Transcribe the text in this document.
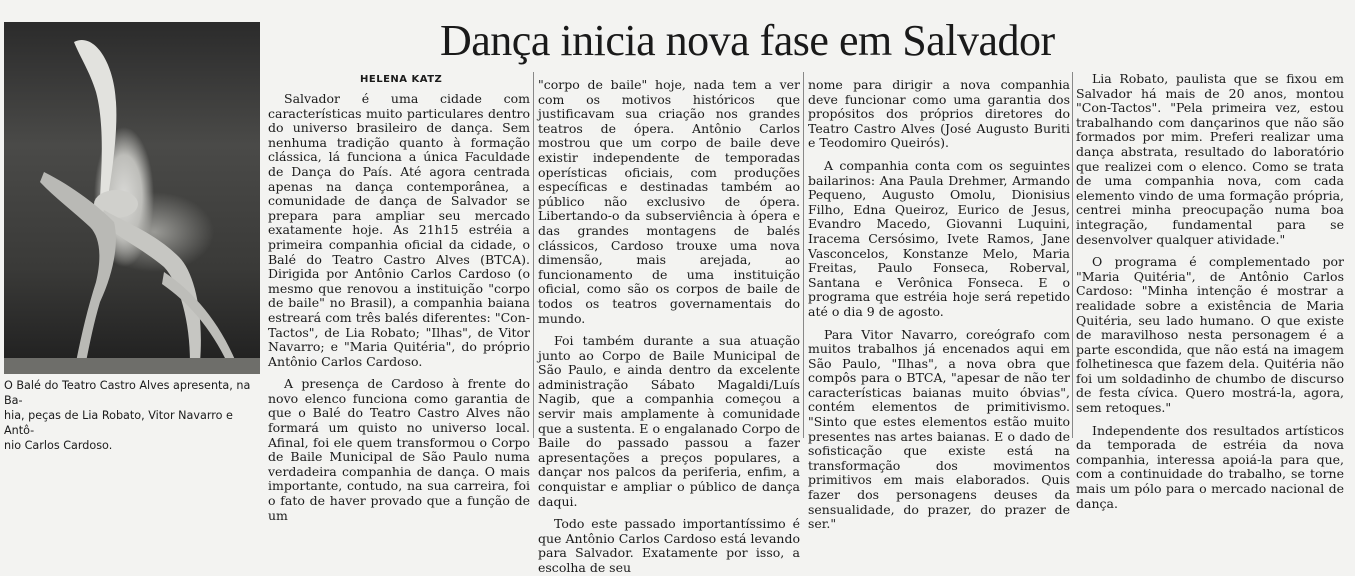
O Balé do Teatro Castro Alves apresenta, na Ba-
hia, peças de Lia Robato, Vitor Navarro e Antô-
nio Carlos Cardoso.
Dança inicia nova fase em Salvador
HELENA KATZ

Salvador é uma cidade com características muito particulares dentro do universo brasileiro de dança. Sem nenhuma tradição quanto à formação clássica, lá funciona a única Faculdade de Dança do País. Até agora centrada apenas na dança contemporânea, a comunidade de dança de Salvador se prepara para ampliar seu mercado exatamente hoje. As 21h15 estréia a primeira companhia oficial da cidade, o Balé do Teatro Castro Alves (BTCA). Dirigida por Antônio Carlos Cardoso (o mesmo que renovou a instituição "corpo de baile" no Brasil), a companhia baiana estreará com três balés diferentes: "Con-Tactos", de Lia Robato; "Ilhas", de Vitor Navarro; e "Maria Quitéria", do próprio Antônio Carlos Cardoso.

A presença de Cardoso à frente do novo elenco funciona como garantia de que o Balé do Teatro Castro Alves não formará um quisto no universo local. Afinal, foi ele quem transformou o Corpo de Baile Municipal de São Paulo numa verdadeira companhia de dança. O mais importante, contudo, na sua carreira, foi o fato de haver provado que a função de um

"corpo de baile" hoje, nada tem a ver com os motivos históricos que justificavam sua criação nos grandes teatros de ópera. Antônio Carlos mostrou que um corpo de baile deve existir independente de temporadas operísticas oficiais, com produções específicas e destinadas também ao público não exclusivo de ópera. Libertando-o da subserviência à ópera e das grandes montagens de balés clássicos, Cardoso trouxe uma nova dimensão, mais arejada, ao funcionamento de uma instituição oficial, como são os corpos de baile de todos os teatros governamentais do mundo.

Foi também durante a sua atuação junto ao Corpo de Baile Municipal de São Paulo, e ainda dentro da excelente administração Sábato Magaldi/Luís Nagib, que a companhia começou a servir mais amplamente à comunidade que a sustenta. E o engalanado Corpo de Baile do passado passou a fazer apresentações a preços populares, a dançar nos palcos da periferia, enfim, a conquistar e ampliar o público de dança daqui.

Todo este passado importantíssimo é que Antônio Carlos Cardoso está levando para Salvador. Exatamente por isso, a escolha de seu

nome para dirigir a nova companhia deve funcionar como uma garantia dos propósitos dos próprios diretores do Teatro Castro Alves (José Augusto Buriti e Teodomiro Queirós).

A companhia conta com os seguintes bailarinos: Ana Paula Drehmer, Armando Pequeno, Augusto Omolu, Dionisius Filho, Edna Queiroz, Eurico de Jesus, Evandro Macedo, Giovanni Luquini, Iracema Cersósimo, Ivete Ramos, Jane Vasconcelos, Konstanze Melo, Maria Freitas, Paulo Fonseca, Roberval, Santana e Verônica Fonseca. E o programa que estréia hoje será repetido até o dia 9 de agosto.

Para Vitor Navarro, coreógrafo com muitos trabalhos já encenados aqui em São Paulo, "Ilhas", a nova obra que compôs para o BTCA, "apesar de não ter características baianas muito óbvias", contém elementos de primitivismo. "Sinto que estes elementos estão muito presentes nas artes baianas. E o dado de sofisticação que existe está na transformação dos movimentos primitivos em mais elaborados. Quis fazer dos personagens deuses da sensualidade, do prazer, do prazer de ser."

Lia Robato, paulista que se fixou em Salvador há mais de 20 anos, montou "Con-Tactos". "Pela primeira vez, estou trabalhando com dançarinos que não são formados por mim. Preferi realizar uma dança abstrata, resultado do laboratório que realizei com o elenco. Como se trata de uma companhia nova, com cada elemento vindo de uma formação própria, centrei minha preocupação numa boa integração, fundamental para se desenvolver qualquer atividade."

O programa é complementado por "Maria Quitéria", de Antônio Carlos Cardoso: "Minha intenção é mostrar a realidade sobre a existência de Maria Quitéria, seu lado humano. O que existe de maravilhoso nesta personagem é a parte escondida, que não está na imagem folhetinesca que fazem dela. Quitéria não foi um soldadinho de chumbo de discurso de festa cívica. Quero mostrá-la, agora, sem retoques."

Independente dos resultados artísticos da temporada de estréia da nova companhia, interessa apoiá-la para que, com a continuidade do trabalho, se torne mais um pólo para o mercado nacional de dança.
